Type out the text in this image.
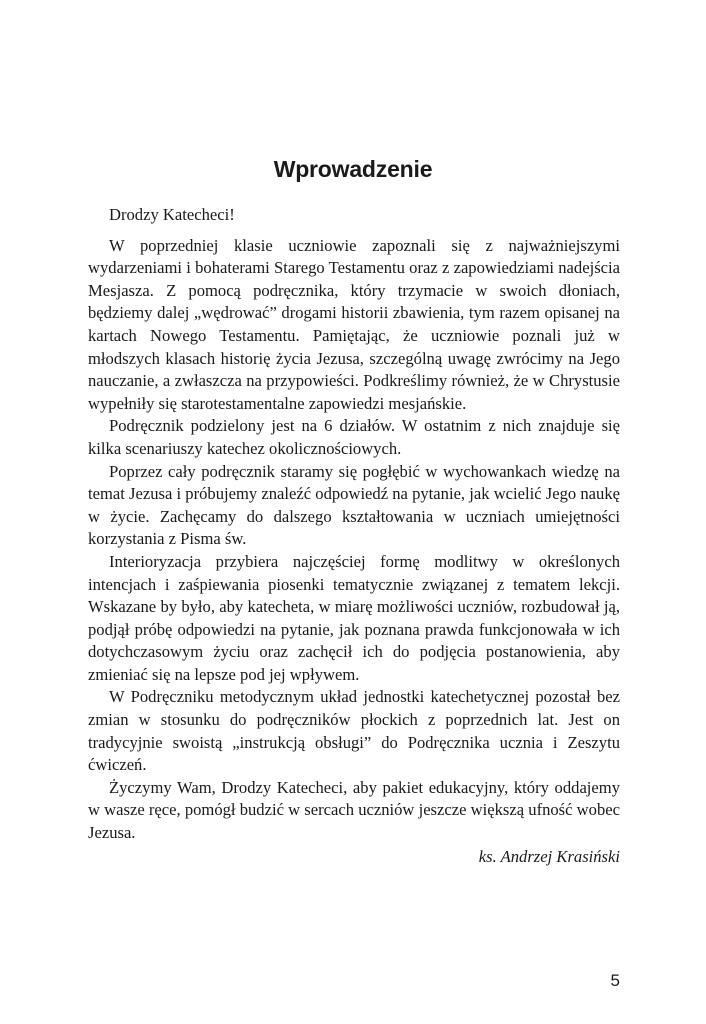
Wprowadzenie

Drodzy Katecheci!

W poprzedniej klasie uczniowie zapoznali się z najważniejszymi wydarzeniami i bohaterami Starego Testamentu oraz z zapowiedziami nadejścia Mesjasza. Z pomocą podręcznika, który trzymacie w swoich dłoniach, będziemy dalej „wędrować” drogami historii zbawienia, tym razem opisanej na kartach Nowego Testamentu. Pamiętając, że uczniowie poznali już w młodszych klasach historię życia Jezusa, szczególną uwagę zwrócimy na Jego nauczanie, a zwłaszcza na przypowieści. Podkreślimy również, że w Chrystusie wypełniły się starotestamentalne zapowiedzi mesjańskie.

Podręcznik podzielony jest na 6 działów. W ostatnim z nich znajduje się kilka scenariuszy katechez okolicznościowych.

Poprzez cały podręcznik staramy się pogłębić w wychowankach wiedzę na temat Jezusa i próbujemy znaleźć odpowiedź na pytanie, jak wcielić Jego naukę w życie. Zachęcamy do dalszego kształtowania w uczniach umiejętności korzystania z Pisma św.

Interioryzacja przybiera najczęściej formę modlitwy w określonych intencjach i zaśpiewania piosenki tematycznie związanej z tematem lekcji. Wskazane by było, aby katecheta, w miarę możliwości uczniów, rozbudował ją, podjął próbę odpowiedzi na pytanie, jak poznana prawda funkcjonowała w ich dotychczasowym życiu oraz zachęcił ich do podjęcia postanowienia, aby zmieniać się na lepsze pod jej wpływem.

W Podręczniku metodycznym układ jednostki katechetycznej pozostał bez zmian w stosunku do podręczników płockich z poprzednich lat. Jest on tradycyjnie swoistą „instrukcją obsługi” do Podręcznika ucznia i Zeszytu ćwiczeń.

Życzymy Wam, Drodzy Katecheci, aby pakiet edukacyjny, który oddajemy w wasze ręce, pomógł budzić w sercach uczniów jeszcze większą ufność wobec Jezusa.

ks. Andrzej Krasiński
5
